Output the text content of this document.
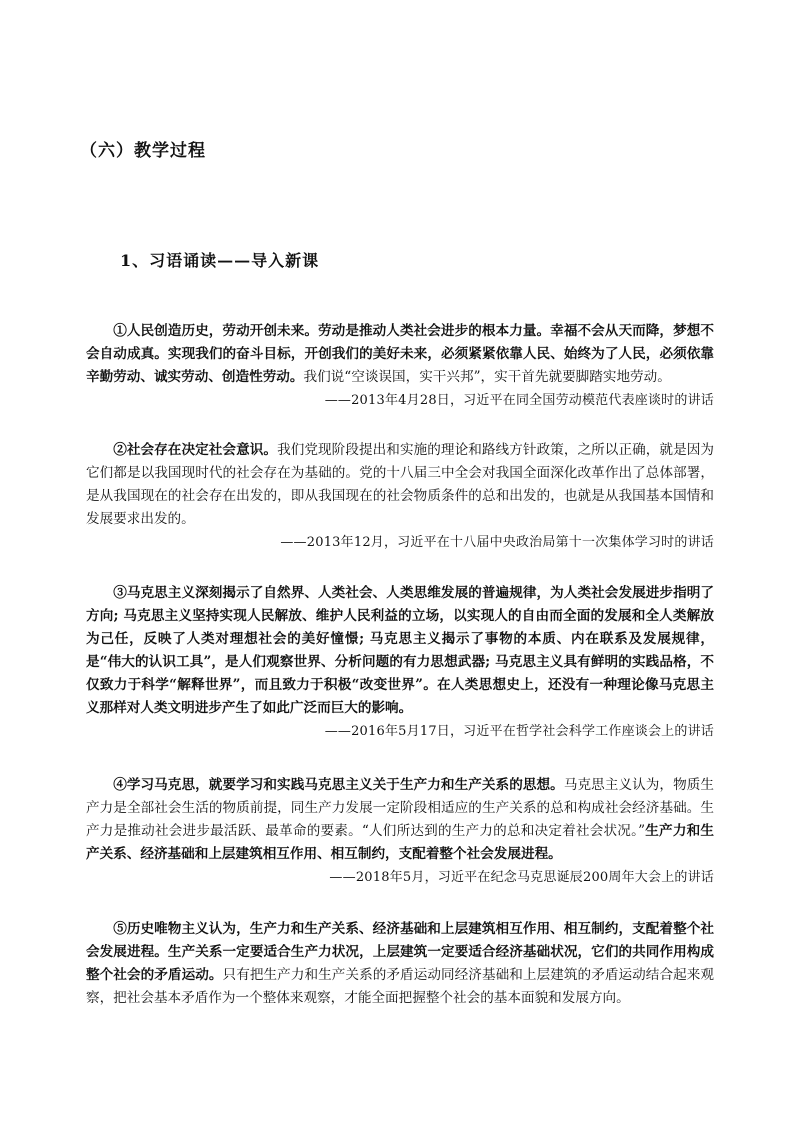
（六）教学过程
1、习语诵读——导入新课

①人民创造历史，劳动开创未来。劳动是推动人类社会进步的根本力量。幸福不会从天而降，梦想不会自动成真。实现我们的奋斗目标，开创我们的美好未来，必须紧紧依靠人民、始终为了人民，必须依靠辛勤劳动、诚实劳动、创造性劳动。我们说“空谈误国，实干兴邦”，实干首先就要脚踏实地劳动。

——2013年4月28日，习近平在同全国劳动模范代表座谈时的讲话

②社会存在决定社会意识。我们党现阶段提出和实施的理论和路线方针政策，之所以正确，就是因为它们都是以我国现时代的社会存在为基础的。党的十八届三中全会对我国全面深化改革作出了总体部署，是从我国现在的社会存在出发的，即从我国现在的社会物质条件的总和出发的，也就是从我国基本国情和发展要求出发的。

——2013年12月，习近平在十八届中央政治局第十一次集体学习时的讲话

③马克思主义深刻揭示了自然界、人类社会、人类思维发展的普遍规律，为人类社会发展进步指明了方向; 马克思主义坚持实现人民解放、维护人民利益的立场，以实现人的自由而全面的发展和全人类解放为己任，反映了人类对理想社会的美好憧憬; 马克思主义揭示了事物的本质、内在联系及发展规律，是“伟大的认识工具”，是人们观察世界、分析问题的有力思想武器; 马克思主义具有鲜明的实践品格，不仅致力于科学“解释世界”，而且致力于积极“改变世界”。在人类思想史上，还没有一种理论像马克思主义那样对人类文明进步产生了如此广泛而巨大的影响。

——2016年5月17日，习近平在哲学社会科学工作座谈会上的讲话

④学习马克思，就要学习和实践马克思主义关于生产力和生产关系的思想。马克思主义认为，物质生产力是全部社会生活的物质前提，同生产力发展一定阶段相适应的生产关系的总和构成社会经济基础。生产力是推动社会进步最活跃、最革命的要素。“人们所达到的生产力的总和决定着社会状况。”生产力和生产关系、经济基础和上层建筑相互作用、相互制约，支配着整个社会发展进程。

——2018年5月，习近平在纪念马克思诞辰200周年大会上的讲话

⑤历史唯物主义认为，生产力和生产关系、经济基础和上层建筑相互作用、相互制约，支配着整个社会发展进程。生产关系一定要适合生产力状况，上层建筑一定要适合经济基础状况，它们的共同作用构成整个社会的矛盾运动。只有把生产力和生产关系的矛盾运动同经济基础和上层建筑的矛盾运动结合起来观察，把社会基本矛盾作为一个整体来观察，才能全面把握整个社会的基本面貌和发展方向。
